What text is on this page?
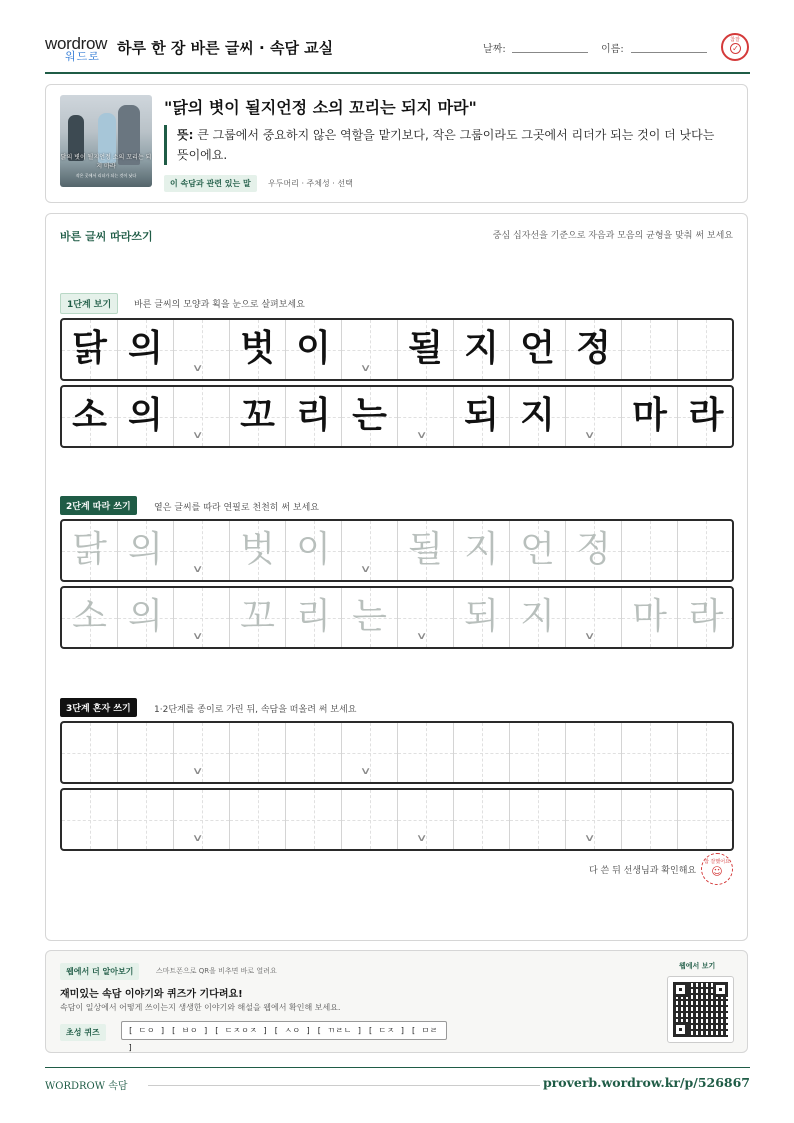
wordrow
워드로 하루 한 장 바른 글씨 · 속담 교실	날짜:	이름:
참잘
✓
닭의 볏이 될지언정 소의 꼬리는 되지 마라
작은 곳에서 리더가 되는 것이 낫다
"닭의 볏이 될지언정 소의 꼬리는 되지 마라"
뜻: 큰 그룹에서 중요하지 않은 역할을 맡기보다, 작은 그룹이라도 그곳에서 리더가 되는 것이 더 낫다는 뜻이에요.
이 속담과 관련 있는 말	우두머리 · 주체성 · 선택
바른 글씨 따라쓰기	중심 십자선을 기준으로 자음과 모음의 균형을 맞춰 써 보세요
1단계 보기	바른 글씨의 모양과 획을 눈으로 살펴보세요
닭 의	∨ 벗 이	∨ 될 지 언 정
소 의	∨ 꼬 리 는	∨ 되 지	∨ 마 라
2단계 따라 쓰기	옅은 글씨를 따라 연필로 천천히 써 보세요
닭 의	∨ 벗 이	∨ 될 지 언 정
소 의	∨ 꼬 리 는	∨ 되 지	∨ 마 라
3단계 혼자 쓰기	1·2단계를 종이로 가린 뒤, 속담을 떠올려 써 보세요
∨	∨
∨	∨	∨
다 쓴 뒤 선생님과 확인해요
참 잘했어요
☺
웹에서 더 알아보기	스마트폰으로 QR을 비추면 바로 열려요
재미있는 속담 이야기와 퀴즈가 기다려요!
속담이 일상에서 어떻게 쓰이는지 생생한 이야기와 해설을 웹에서 확인해 보세요.
초성 퀴즈	[ ㄷㅇ ] [ ㅂㅇ ] [ ㄷㅈㅇㅈ ] [ ㅅㅇ ] [ ㄲㄹㄴ ] [ ㄷㅈ ] [ ㅁㄹ ]
웹에서 보기
WORDROW 속담	proverb.wordrow.kr/p/526867
